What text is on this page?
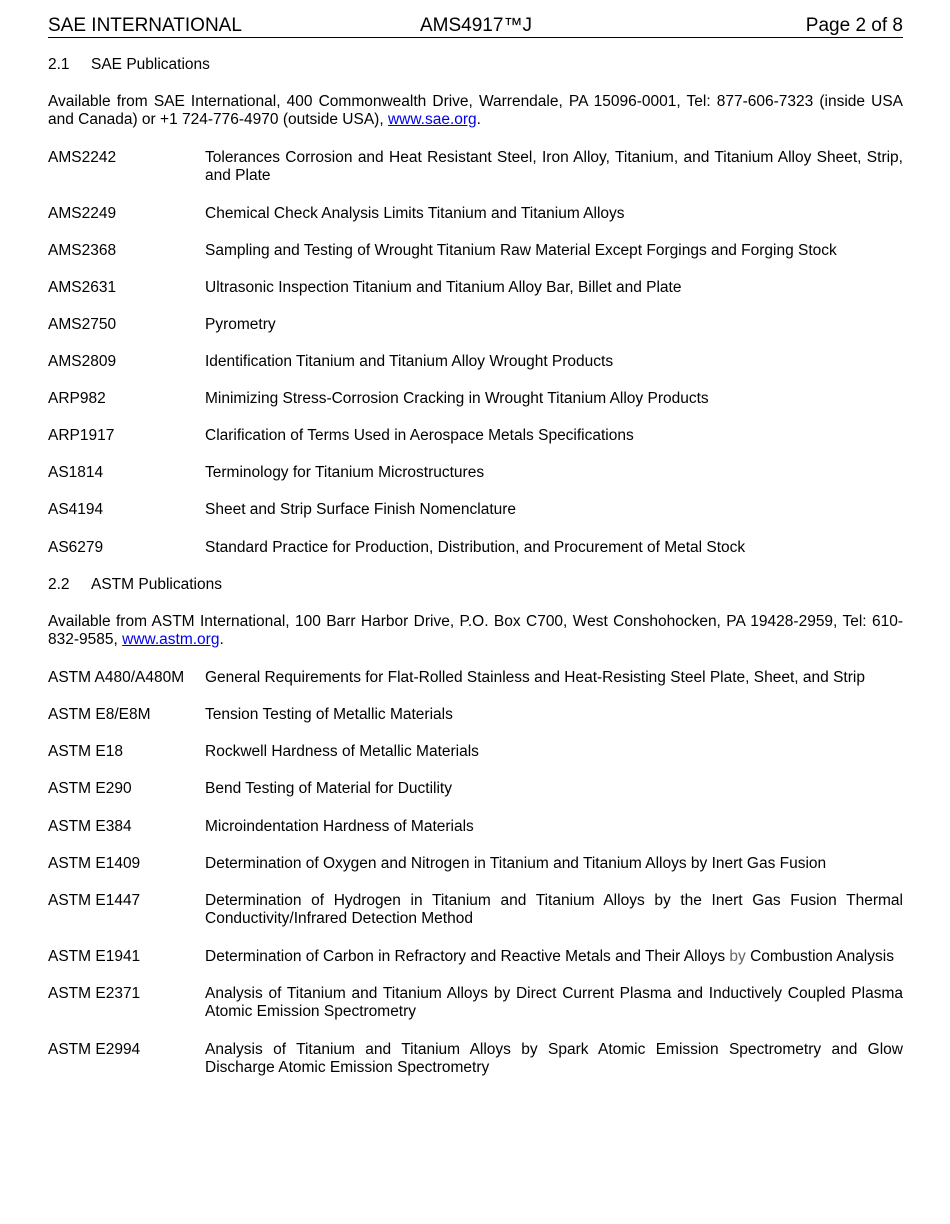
SAE INTERNATIONAL	AMS4917™J	Page 2 of 8
2.1 SAE Publications
Available from SAE International, 400 Commonwealth Drive, Warrendale, PA 15096-0001, Tel: 877-606-7323 (inside USA and Canada) or +1 724-776-4970 (outside USA), www.sae.org.
AMS2242	Tolerances Corrosion and Heat Resistant Steel, Iron Alloy, Titanium, and Titanium Alloy Sheet, Strip, and Plate
AMS2249	Chemical Check Analysis Limits Titanium and Titanium Alloys
AMS2368	Sampling and Testing of Wrought Titanium Raw Material Except Forgings and Forging Stock
AMS2631	Ultrasonic Inspection Titanium and Titanium Alloy Bar, Billet and Plate
AMS2750	Pyrometry
AMS2809	Identification Titanium and Titanium Alloy Wrought Products
ARP982	Minimizing Stress-Corrosion Cracking in Wrought Titanium Alloy Products
ARP1917	Clarification of Terms Used in Aerospace Metals Specifications
AS1814	Terminology for Titanium Microstructures
AS4194	Sheet and Strip Surface Finish Nomenclature
AS6279	Standard Practice for Production, Distribution, and Procurement of Metal Stock
2.2 ASTM Publications
Available from ASTM International, 100 Barr Harbor Drive, P.O. Box C700, West Conshohocken, PA 19428-2959, Tel: 610-832-9585, www.astm.org.
ASTM A480/A480M	General Requirements for Flat-Rolled Stainless and Heat-Resisting Steel Plate, Sheet, and Strip
ASTM E8/E8M	Tension Testing of Metallic Materials
ASTM E18	Rockwell Hardness of Metallic Materials
ASTM E290	Bend Testing of Material for Ductility
ASTM E384	Microindentation Hardness of Materials
ASTM E1409	Determination of Oxygen and Nitrogen in Titanium and Titanium Alloys by Inert Gas Fusion
ASTM E1447	Determination of Hydrogen in Titanium and Titanium Alloys by the Inert Gas Fusion Thermal Conductivity/Infrared Detection Method
ASTM E1941	Determination of Carbon in Refractory and Reactive Metals and Their Alloys by Combustion Analysis
ASTM E2371	Analysis of Titanium and Titanium Alloys by Direct Current Plasma and Inductively Coupled Plasma Atomic Emission Spectrometry
ASTM E2994	Analysis of Titanium and Titanium Alloys by Spark Atomic Emission Spectrometry and Glow Discharge Atomic Emission Spectrometry
